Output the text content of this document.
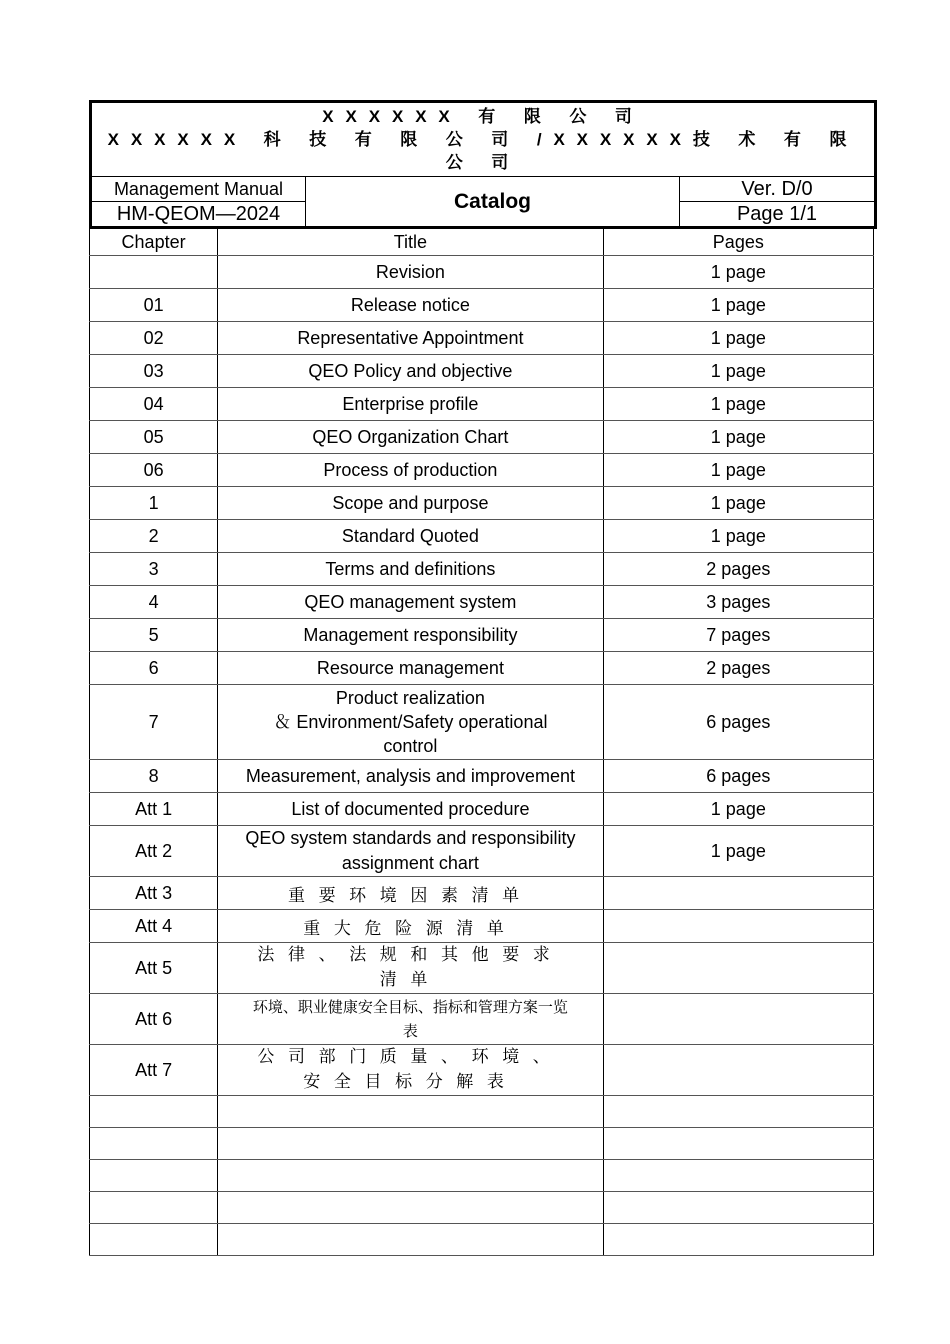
XXXXXX 有 限 公 司
XXXXXX 科 技 有 限 公 司 /XXXXXX技 术 有 限 公 司		

Management Manual	Catalog	Ver. D/0
HM-QEOM—2024		Page 1/1
Chapter	Title	Pages
	Revision	1 page
01	Release notice	1 page
02	Representative Appointment	1 page
03	QEO Policy and objective	1 page
04	Enterprise profile	1 page
05	QEO Organization Chart	1 page
06	Process of production	1 page
1	Scope and purpose	1 page
2	Standard Quoted	1 page
3	Terms and definitions	2 pages
4	QEO management system	3 pages
5	Management responsibility	7 pages
6	Resource management	2 pages
7	Product realization
＆ Environment/Safety operational
control	6 pages
8	Measurement, analysis and improvement	6 pages
Att 1	List of documented procedure	1 page
Att 2	QEO system standards and responsibility
assignment chart	1 page
Att 3	重要环境因素清单	
Att 4	重大危险源清单	
Att 5	法律、法规和其他要求
清单	

Att 6	环境、职业健康安全目标、指标和管理方案一览
表	

Att 7	公司部门质量、环境、
安全目标分解表	
